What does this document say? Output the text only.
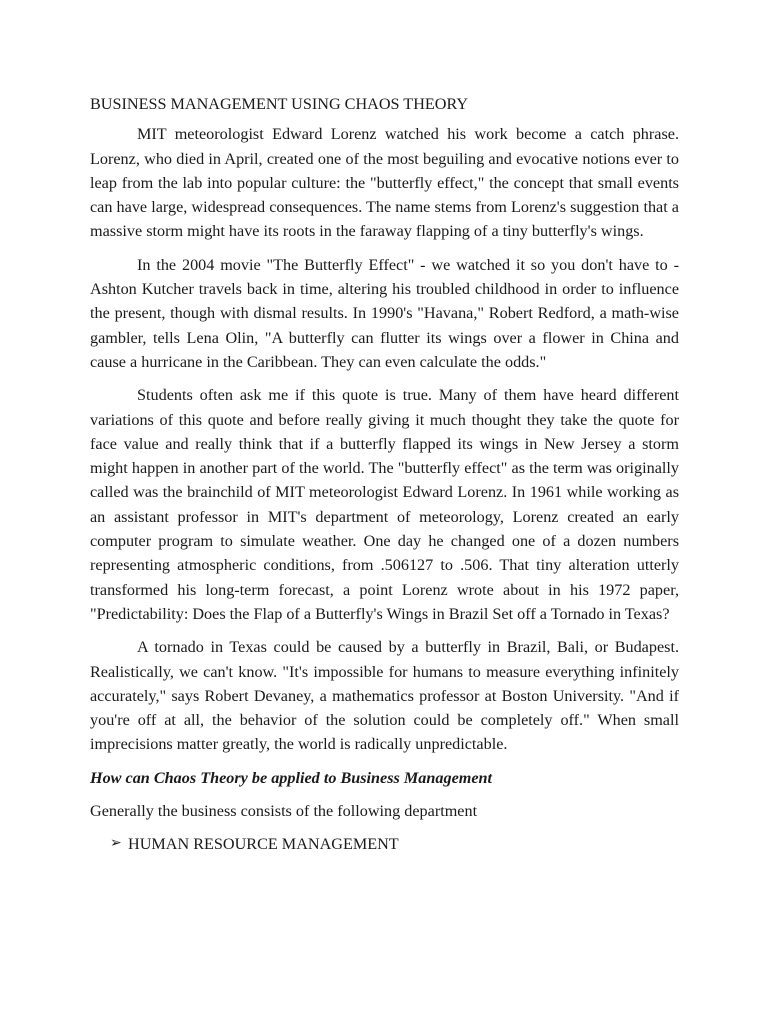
BUSINESS MANAGEMENT USING CHAOS THEORY

MIT meteorologist Edward Lorenz watched his work become a catch phrase. Lorenz, who died in April, created one of the most beguiling and evocative notions ever to leap from the lab into popular culture: the "butterfly effect," the concept that small events can have large, widespread consequences. The name stems from Lorenz's suggestion that a massive storm might have its roots in the faraway flapping of a tiny butterfly's wings.

In the 2004 movie "The Butterfly Effect" - we watched it so you don't have to - Ashton Kutcher travels back in time, altering his troubled childhood in order to influence the present, though with dismal results. In 1990's "Havana," Robert Redford, a math-wise gambler, tells Lena Olin, "A butterfly can flutter its wings over a flower in China and cause a hurricane in the Caribbean. They can even calculate the odds."

Students often ask me if this quote is true. Many of them have heard different variations of this quote and before really giving it much thought they take the quote for face value and really think that if a butterfly flapped its wings in New Jersey a storm might happen in another part of the world. The "butterfly effect" as the term was originally called was the brainchild of MIT meteorologist Edward Lorenz. In 1961 while working as an assistant professor in MIT's department of meteorology, Lorenz created an early computer program to simulate weather. One day he changed one of a dozen numbers representing atmospheric conditions, from .506127 to .506. That tiny alteration utterly transformed his long-term forecast, a point Lorenz wrote about in his 1972 paper, "Predictability: Does the Flap of a Butterfly's Wings in Brazil Set off a Tornado in Texas?

A tornado in Texas could be caused by a butterfly in Brazil, Bali, or Budapest. Realistically, we can't know. "It's impossible for humans to measure everything infinitely accurately," says Robert Devaney, a mathematics professor at Boston University. "And if you're off at all, the behavior of the solution could be completely off." When small imprecisions matter greatly, the world is radically unpredictable.

How can Chaos Theory be applied to Business Management

Generally the business consists of the following department

➢ HUMAN RESOURCE MANAGEMENT
